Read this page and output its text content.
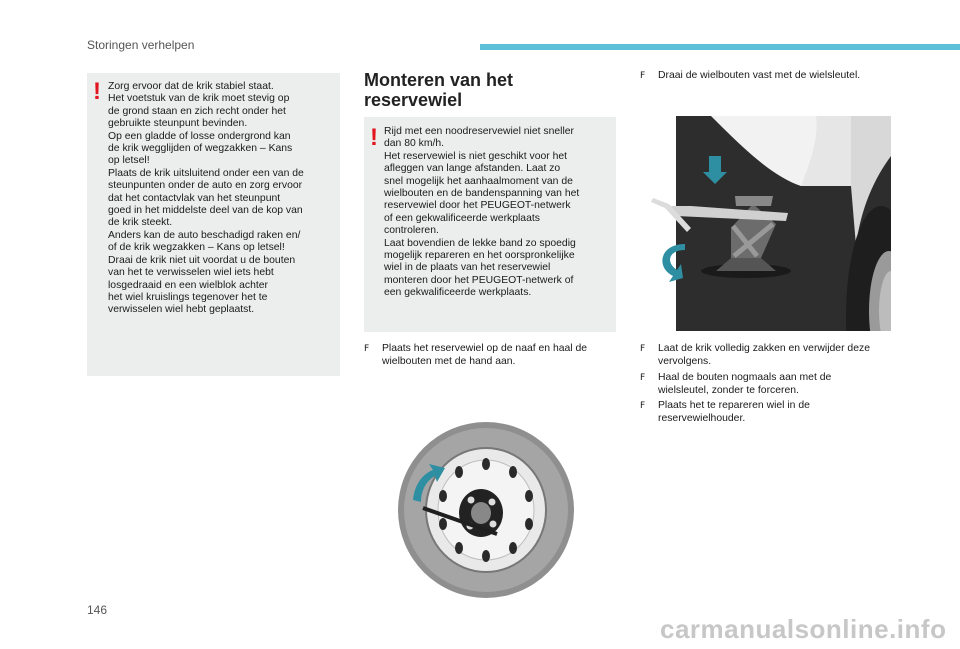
Storingen verhelpen
! Zorg ervoor dat de krik stabiel staat.
Het voetstuk van de krik moet stevig op
de grond staan en zich recht onder het
gebruikte steunpunt bevinden.
Op een gladde of losse ondergrond kan
de krik wegglijden of wegzakken – Kans
op letsel!
Plaats de krik uitsluitend onder een van de
steunpunten onder de auto en zorg ervoor
dat het contactvlak van het steunpunt
goed in het middelste deel van de kop van
de krik steekt.
Anders kan de auto beschadigd raken en/
of de krik wegzakken – Kans op letsel!
Draai de krik niet uit voordat u de bouten
van het te verwisselen wiel iets hebt
losgedraaid en een wielblok achter
het wiel kruislings tegenover het te
verwisselen wiel hebt geplaatst.
Monteren van het
reservewiel
! Rijd met een noodreservewiel niet sneller
dan 80 km/h.
Het reservewiel is niet geschikt voor het
afleggen van lange afstanden. Laat zo
snel mogelijk het aanhaalmoment van de
wielbouten en de bandenspanning van het
reservewiel door het PEUGEOT-netwerk
of een gekwalificeerde werkplaats
controleren.
Laat bovendien de lekke band zo spoedig
mogelijk repareren en het oorspronkelijke
wiel in de plaats van het reservewiel
monteren door het PEUGEOT-netwerk of
een gekwalificeerde werkplaats.
F	Plaats het reservewiel op de naaf en haal de wielbouten met de hand aan.
F	Draai de wielbouten vast met de wielsleutel.
F	Laat de krik volledig zakken en verwijder deze vervolgens.
F	Haal de bouten nogmaals aan met de wielsleutel, zonder te forceren.
F	Plaats het te repareren wiel in de reservewielhouder.
146
carmanualsonline.info
